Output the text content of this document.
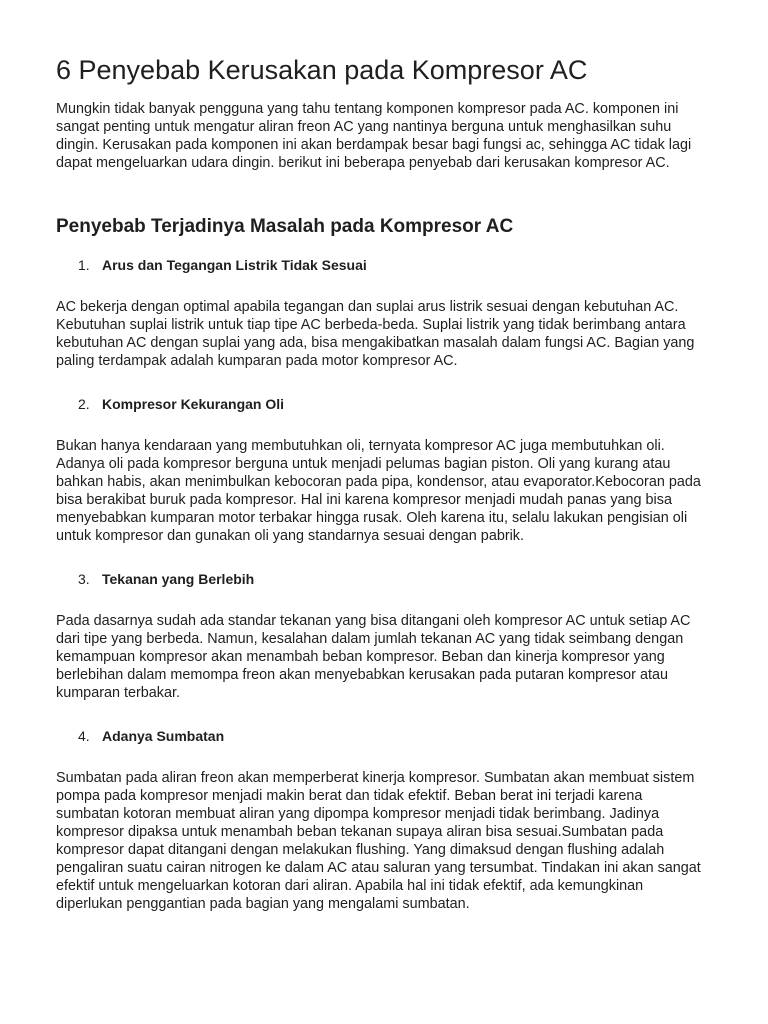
6 Penyebab Kerusakan pada Kompresor AC

Mungkin tidak banyak pengguna yang tahu tentang komponen kompresor pada AC. komponen ini sangat penting untuk mengatur aliran freon AC yang nantinya berguna untuk menghasilkan suhu dingin. Kerusakan pada komponen ini akan berdampak besar bagi fungsi ac, sehingga AC tidak lagi dapat mengeluarkan udara dingin. berikut ini beberapa penyebab dari kerusakan kompresor AC.

Penyebab Terjadinya Masalah pada Kompresor AC
1. Arus dan Tegangan Listrik Tidak Sesuai

AC bekerja dengan optimal apabila tegangan dan suplai arus listrik sesuai dengan kebutuhan AC. Kebutuhan suplai listrik untuk tiap tipe AC berbeda-beda. Suplai listrik yang tidak berimbang antara kebutuhan AC dengan suplai yang ada, bisa mengakibatkan masalah dalam fungsi AC. Bagian yang paling terdampak adalah kumparan pada motor kompresor AC.

2. Kompresor Kekurangan Oli

Bukan hanya kendaraan yang membutuhkan oli, ternyata kompresor AC juga membutuhkan oli. Adanya oli pada kompresor berguna untuk menjadi pelumas bagian piston. Oli yang kurang atau bahkan habis, akan menimbulkan kebocoran pada pipa, kondensor, atau evaporator.Kebocoran pada bisa berakibat buruk pada kompresor. Hal ini karena kompresor menjadi mudah panas yang bisa menyebabkan kumparan motor terbakar hingga rusak. Oleh karena itu, selalu lakukan pengisian oli untuk kompresor dan gunakan oli yang standarnya sesuai dengan pabrik.

3. Tekanan yang Berlebih

Pada dasarnya sudah ada standar tekanan yang bisa ditangani oleh kompresor AC untuk setiap AC dari tipe yang berbeda. Namun, kesalahan dalam jumlah tekanan AC yang tidak seimbang dengan kemampuan kompresor akan menambah beban kompresor. Beban dan kinerja kompresor yang berlebihan dalam memompa freon akan menyebabkan kerusakan pada putaran kompresor atau kumparan terbakar.

4. Adanya Sumbatan

Sumbatan pada aliran freon akan memperberat kinerja kompresor. Sumbatan akan membuat sistem pompa pada kompresor menjadi makin berat dan tidak efektif. Beban berat ini terjadi karena sumbatan kotoran membuat aliran yang dipompa kompresor menjadi tidak berimbang. Jadinya kompresor dipaksa untuk menambah beban tekanan supaya aliran bisa sesuai.Sumbatan pada kompresor dapat ditangani dengan melakukan flushing. Yang dimaksud dengan flushing adalah pengaliran suatu cairan nitrogen ke dalam AC atau saluran yang tersumbat. Tindakan ini akan sangat efektif untuk mengeluarkan kotoran dari aliran. Apabila hal ini tidak efektif, ada kemungkinan diperlukan penggantian pada bagian yang mengalami sumbatan.
